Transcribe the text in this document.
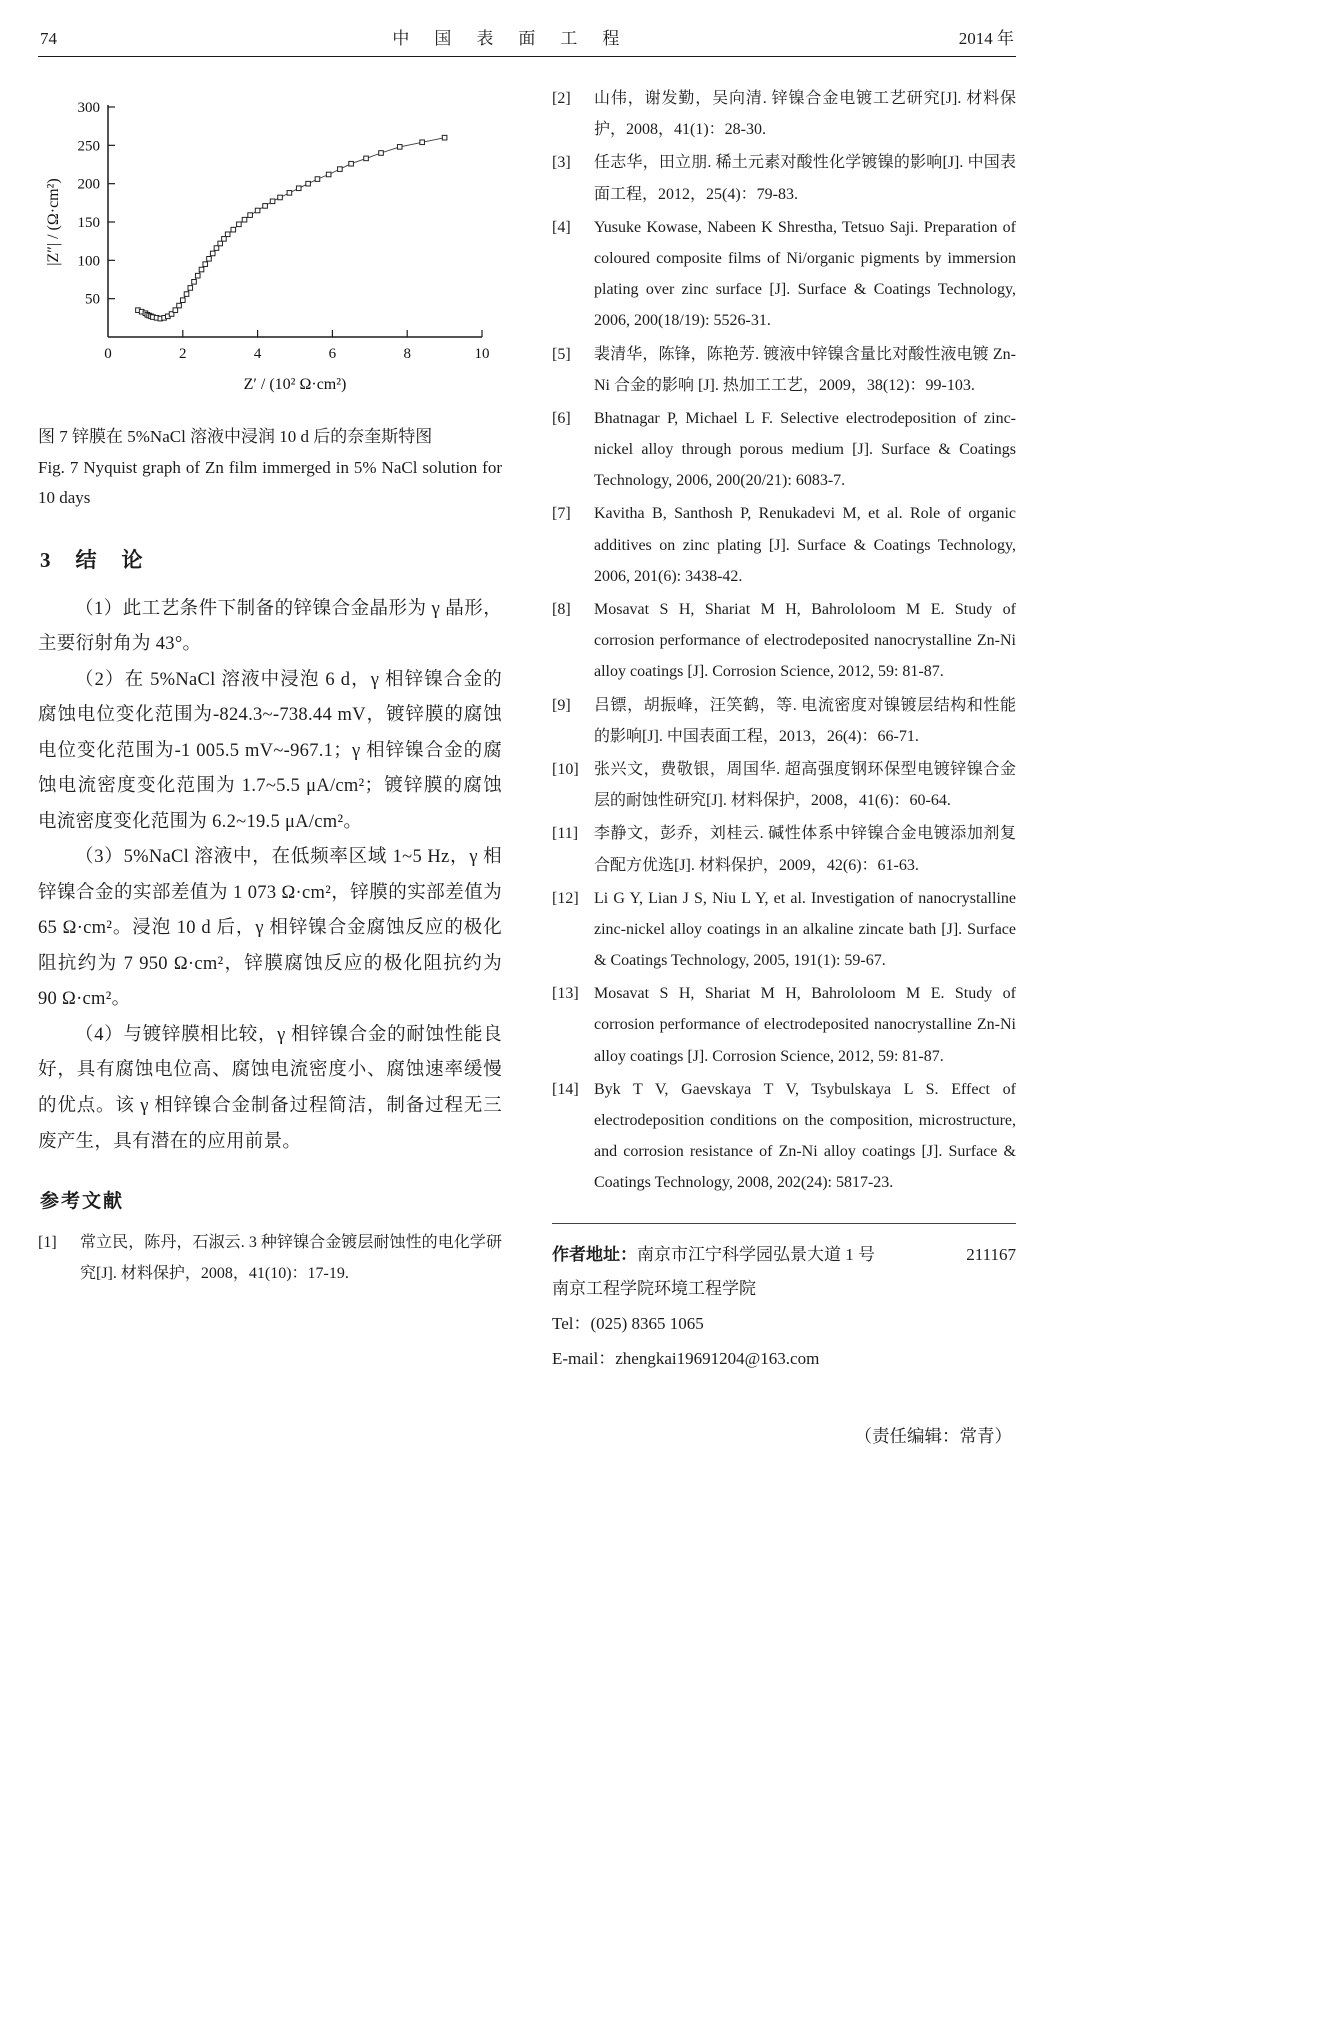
74	中　国　表　面　工　程	2014 年
50
100
150
200
250
300
0	2	4	6	8	10
|Z″| / (Ω·cm²)
Z′ / (10² Ω·cm²)
图 7 锌膜在 5%NaCl 溶液中浸润 10 d 后的奈奎斯特图
Fig. 7 Nyquist graph of Zn film immerged in 5% NaCl solution for 10 days
3　结　论

（1）此工艺条件下制备的锌镍合金晶形为 γ 晶形，主要衍射角为 43°。

（2）在 5%NaCl 溶液中浸泡 6 d，γ 相锌镍合金的腐蚀电位变化范围为-824.3~-738.44 mV，镀锌膜的腐蚀电位变化范围为-1 005.5 mV~-967.1；γ 相锌镍合金的腐蚀电流密度变化范围为 1.7~5.5 μA/cm²；镀锌膜的腐蚀电流密度变化范围为 6.2~19.5 μA/cm²。

（3）5%NaCl 溶液中，在低频率区域 1~5 Hz，γ 相锌镍合金的实部差值为 1 073 Ω·cm²，锌膜的实部差值为 65 Ω·cm²。浸泡 10 d 后，γ 相锌镍合金腐蚀反应的极化阻抗约为 7 950 Ω·cm²，锌膜腐蚀反应的极化阻抗约为 90 Ω·cm²。

（4）与镀锌膜相比较，γ 相锌镍合金的耐蚀性能良好，具有腐蚀电位高、腐蚀电流密度小、腐蚀速率缓慢的优点。该 γ 相锌镍合金制备过程简洁，制备过程无三废产生，具有潜在的应用前景。

参考文献
[1]	常立民，陈丹，石淑云. 3 种锌镍合金镀层耐蚀性的电化学研究[J]. 材料保护，2008，41(10)：17-19.
[2]	山伟，谢发勤，吴向清. 锌镍合金电镀工艺研究[J]. 材料保护，2008，41(1)：28-30.
[3]	任志华，田立朋. 稀土元素对酸性化学镀镍的影响[J]. 中国表面工程，2012，25(4)：79-83.
[4]	Yusuke Kowase, Nabeen K Shrestha, Tetsuo Saji. Preparation of coloured composite films of Ni/organic pigments by immersion plating over zinc surface [J]. Surface & Coatings Technology, 2006, 200(18/19): 5526-31.
[5]	裴清华，陈锋，陈艳芳. 镀液中锌镍含量比对酸性液电镀 Zn-Ni 合金的影响 [J]. 热加工工艺，2009，38(12)：99-103.
[6]	Bhatnagar P, Michael L F. Selective electrodeposition of zinc-nickel alloy through porous medium [J]. Surface & Coatings Technology, 2006, 200(20/21): 6083-7.
[7]	Kavitha B, Santhosh P, Renukadevi M, et al. Role of organic additives on zinc plating [J]. Surface & Coatings Technology, 2006, 201(6): 3438-42.
[8]	Mosavat S H, Shariat M H, Bahrololoom M E. Study of corrosion performance of electrodeposited nanocrystalline Zn-Ni alloy coatings [J]. Corrosion Science, 2012, 59: 81-87.
[9]	吕镖，胡振峰，汪笑鹤，等. 电流密度对镍镀层结构和性能的影响[J]. 中国表面工程，2013，26(4)：66-71.
[10] 张兴文，费敬银，周国华. 超高强度钢环保型电镀锌镍合金层的耐蚀性研究[J]. 材料保护，2008，41(6)：60-64.
[11] 李静文，彭乔，刘桂云. 碱性体系中锌镍合金电镀添加剂复合配方优选[J]. 材料保护，2009，42(6)：61-63.
[12] Li G Y, Lian J S, Niu L Y, et al. Investigation of nanocrystalline zinc-nickel alloy coatings in an alkaline zincate bath [J]. Surface & Coatings Technology, 2005, 191(1): 59-67.
[13] Mosavat S H, Shariat M H, Bahrololoom M E. Study of corrosion performance of electrodeposited nanocrystalline Zn-Ni alloy coatings [J]. Corrosion Science, 2012, 59: 81-87.
[14] Byk T V, Gaevskaya T V, Tsybulskaya L S. Effect of electrodeposition conditions on the composition, microstructure, and corrosion resistance of Zn-Ni alloy coatings [J]. Surface & Coatings Technology, 2008, 202(24): 5817-23.
作者地址：南京市江宁科学园弘景大道 1 号	211167
南京工程学院环境工程学院
Tel：(025) 8365 1065
E-mail：zhengkai19691204@163.com
（责任编辑：常青）
